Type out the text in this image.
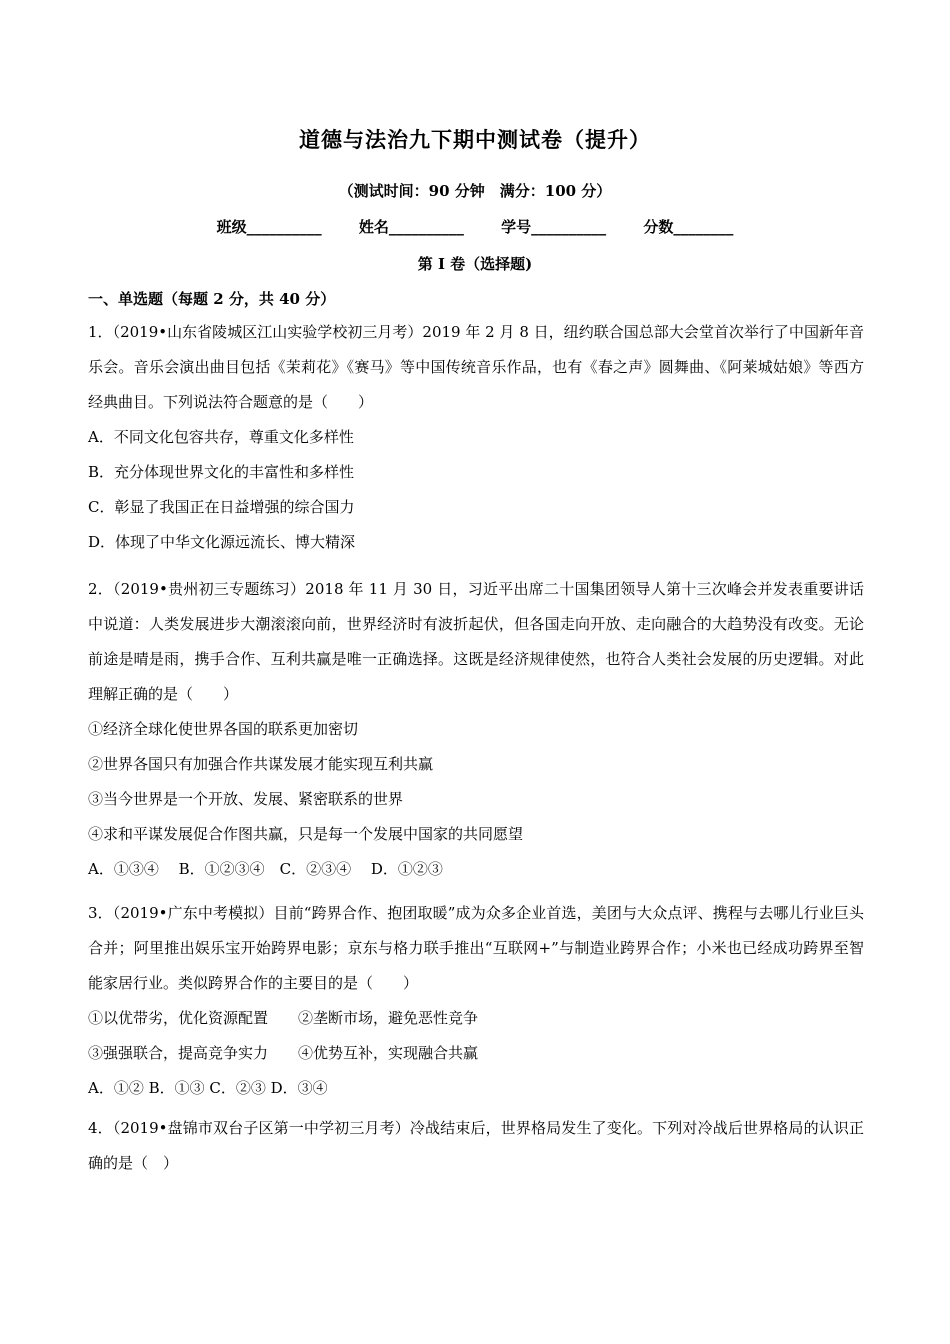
道德与法治九下期中测试卷（提升）
（测试时间：90 分钟　满分：100 分）
班级__________ 姓名__________ 学号__________ 分数________
第 I 卷（选择题)
一、单选题（每题 2 分，共 40 分）

1．（2019•山东省陵城区江山实验学校初三月考）2019 年 2 月 8 日，纽约联合国总部大会堂首次举行了中国新年音乐会。音乐会演出曲目包括《茉莉花》《赛马》等中国传统音乐作品，也有《春之声》圆舞曲、《阿莱城姑娘》等西方经典曲目。下列说法符合题意的是（　　）

A．不同文化包容共存，尊重文化多样性

B．充分体现世界文化的丰富性和多样性

C．彰显了我国正在日益增强的综合国力

D．体现了中华文化源远流长、博大精深

2．（2019•贵州初三专题练习）2018 年 11 月 30 日，习近平出席二十国集团领导人第十三次峰会并发表重要讲话中说道：人类发展进步大潮滚滚向前，世界经济时有波折起伏，但各国走向开放、走向融合的大趋势没有改变。无论前途是晴是雨，携手合作、互利共赢是唯一正确选择。这既是经济规律使然，也符合人类社会发展的历史逻辑。对此理解正确的是（　　）

①经济全球化使世界各国的联系更加密切

②世界各国只有加强合作共谋发展才能实现互利共赢

③当今世界是一个开放、发展、紧密联系的世界

④求和平谋发展促合作图共赢，只是每一个发展中国家的共同愿望

A．①③④　 B．①②③④　C．②③④　 D．①②③

3．（2019•广东中考模拟）目前“跨界合作、抱团取暖”成为众多企业首选，美团与大众点评、携程与去哪儿行业巨头合并；阿里推出娱乐宝开始跨界电影；京东与格力联手推出“互联网+”与制造业跨界合作；小米也已经成功跨界至智能家居行业。类似跨界合作的主要目的是（　　）

①以优带劣，优化资源配置　　②垄断市场，避免恶性竞争

③强强联合，提高竞争实力　　④优势互补，实现融合共赢

A．①② B．①③ C．②③ D．③④

4．（2019•盘锦市双台子区第一中学初三月考）冷战结束后，世界格局发生了变化。下列对冷战后世界格局的认识正确的是（　）
